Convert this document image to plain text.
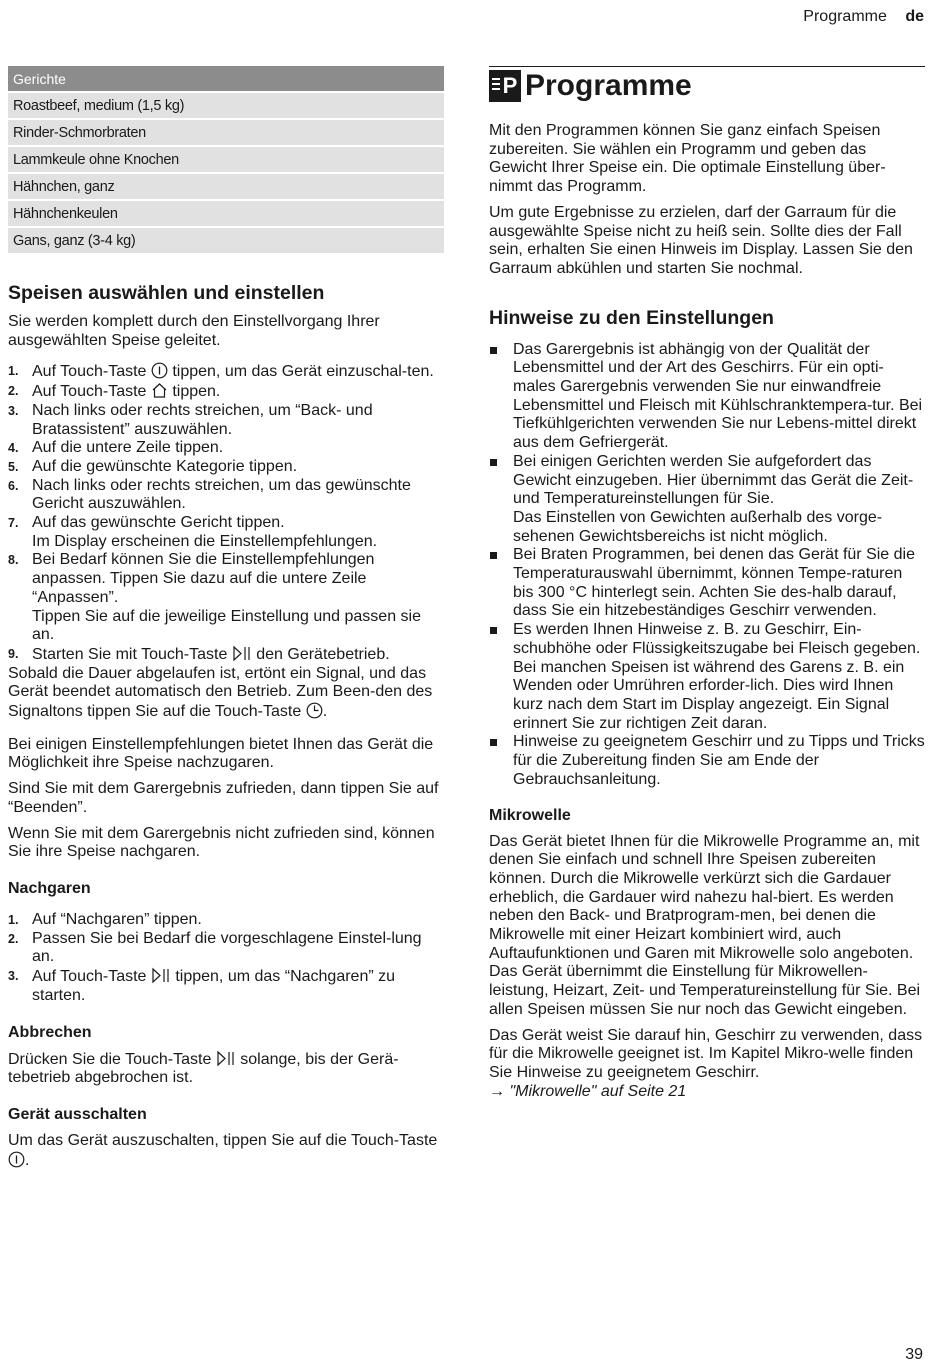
Programme de
Gerichte
Roastbeef, medium (1,5 kg)
Rinder-Schmorbraten
Lammkeule ohne Knochen
Hähnchen, ganz
Hähnchenkeulen
Gans, ganz (3-4 kg)
Speisen auswählen und einstellen

Sie werden komplett durch den Einstellvorgang Ihrer ausgewählten Speise geleitet.

1. Auf Touch-Taste  tippen, um das Gerät einzuschal-ten.
2. Auf Touch-Taste  tippen.
3. Nach links oder rechts streichen, um “Back- und Bratassistent” auszuwählen.
4. Auf die untere Zeile tippen.
5. Auf die gewünschte Kategorie tippen.
6. Nach links oder rechts streichen, um das gewünschte Gericht auszuwählen.
7. Auf das gewünschte Gericht tippen.
Im Display erscheinen die Einstellempfehlungen.
8. Bei Bedarf können Sie die Einstellempfehlungen anpassen. Tippen Sie dazu auf die untere Zeile “Anpassen”.
Tippen Sie auf die jeweilige Einstellung und passen sie an.
9. Starten Sie mit Touch-Taste  den Gerätebetrieb.

Sobald die Dauer abgelaufen ist, ertönt ein Signal, und das Gerät beendet automatisch den Betrieb. Zum Been-den des Signaltons tippen Sie auf die Touch-Taste .

Bei einigen Einstellempfehlungen bietet Ihnen das Gerät die Möglichkeit ihre Speise nachzugaren.

Sind Sie mit dem Garergebnis zufrieden, dann tippen Sie auf “Beenden”.

Wenn Sie mit dem Garergebnis nicht zufrieden sind, können Sie ihre Speise nachgaren.

Nachgaren
1. Auf “Nachgaren” tippen.
2. Passen Sie bei Bedarf die vorgeschlagene Einstel-lung an.
3. Auf Touch-Taste  tippen, um das “Nachgaren” zu starten.
Abbrechen

Drücken Sie die Touch-Taste  solange, bis der Gerä-tebetrieb abgebrochen ist.

Gerät ausschalten

Um das Gerät auszuschalten, tippen Sie auf die Touch-Taste .

P Programme

Mit den Programmen können Sie ganz einfach Speisen zubereiten. Sie wählen ein Programm und geben das Gewicht Ihrer Speise ein. Die optimale Einstellung über-nimmt das Programm.

Um gute Ergebnisse zu erzielen, darf der Garraum für die ausgewählte Speise nicht zu heiß sein. Sollte dies der Fall sein, erhalten Sie einen Hinweis im Display. Lassen Sie den Garraum abkühlen und starten Sie nochmal.

Hinweise zu den Einstellungen
Das Garergebnis ist abhängig von der Qualität der Lebensmittel und der Art des Geschirrs. Für ein opti-males Garergebnis verwenden Sie nur einwandfreie Lebensmittel und Fleisch mit Kühlschranktempera-tur. Bei Tiefkühlgerichten verwenden Sie nur Lebens-mittel direkt aus dem Gefriergerät.
Bei einigen Gerichten werden Sie aufgefordert das Gewicht einzugeben. Hier übernimmt das Gerät die Zeit- und Temperatureinstellungen für Sie.
Das Einstellen von Gewichten außerhalb des vorge-sehenen Gewichtsbereichs ist nicht möglich.
Bei Braten Programmen, bei denen das Gerät für Sie die Temperaturauswahl übernimmt, können Tempe-raturen bis 300 °C hinterlegt sein. Achten Sie des-halb darauf, dass Sie ein hitzebeständiges Geschirr verwenden.
Es werden Ihnen Hinweise z. B. zu Geschirr, Ein-schubhöhe oder Flüssigkeitszugabe bei Fleisch gegeben. Bei manchen Speisen ist während des Garens z. B. ein Wenden oder Umrühren erforder-lich. Dies wird Ihnen kurz nach dem Start im Display angezeigt. Ein Signal erinnert Sie zur richtigen Zeit daran.
Hinweise zu geeignetem Geschirr und zu Tipps und Tricks für die Zubereitung finden Sie am Ende der Gebrauchsanleitung.
Mikrowelle

Das Gerät bietet Ihnen für die Mikrowelle Programme an, mit denen Sie einfach und schnell Ihre Speisen zubereiten können. Durch die Mikrowelle verkürzt sich die Gardauer erheblich, die Gardauer wird nahezu hal-biert. Es werden neben den Back- und Bratprogram-men, bei denen die Mikrowelle mit einer Heizart kombiniert wird, auch Auftaufunktionen und Garen mit Mikrowelle solo angeboten.

Das Gerät übernimmt die Einstellung für Mikrowellen-leistung, Heizart, Zeit- und Temperatureinstellung für Sie. Bei allen Speisen müssen Sie nur noch das Gewicht eingeben.

Das Gerät weist Sie darauf hin, Geschirr zu verwenden, dass für die Mikrowelle geeignet ist. Im Kapitel Mikro-welle finden Sie Hinweise zu geeignetem Geschirr.

→ "Mikrowelle" auf Seite 21

39
